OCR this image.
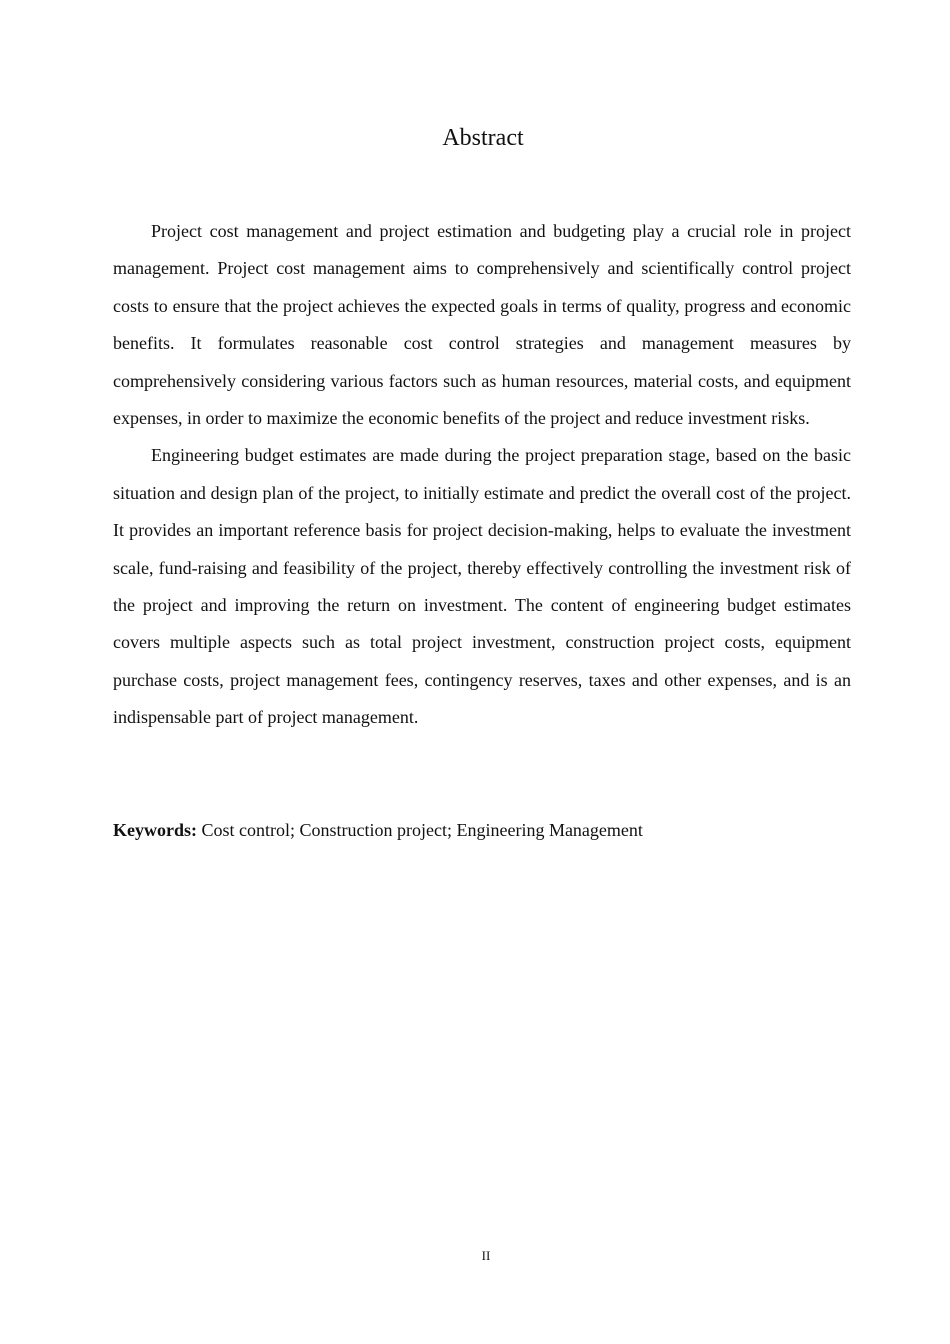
Abstract

Project cost management and project estimation and budgeting play a crucial role in project management. Project cost management aims to comprehensively and scientifically control project costs to ensure that the project achieves the expected goals in terms of quality, progress and economic benefits. It formulates reasonable cost control strategies and management measures by comprehensively considering various factors such as human resources, material costs, and equipment expenses, in order to maximize the economic benefits of the project and reduce investment risks.

Engineering budget estimates are made during the project preparation stage, based on the basic situation and design plan of the project, to initially estimate and predict the overall cost of the project. It provides an important reference basis for project decision-making, helps to evaluate the investment scale, fund-raising and feasibility of the project, thereby effectively controlling the investment risk of the project and improving the return on investment. The content of engineering budget estimates covers multiple aspects such as total project investment, construction project costs, equipment purchase costs, project management fees, contingency reserves, taxes and other expenses, and is an indispensable part of project management.

Keywords: Cost control; Construction project; Engineering Management
II
